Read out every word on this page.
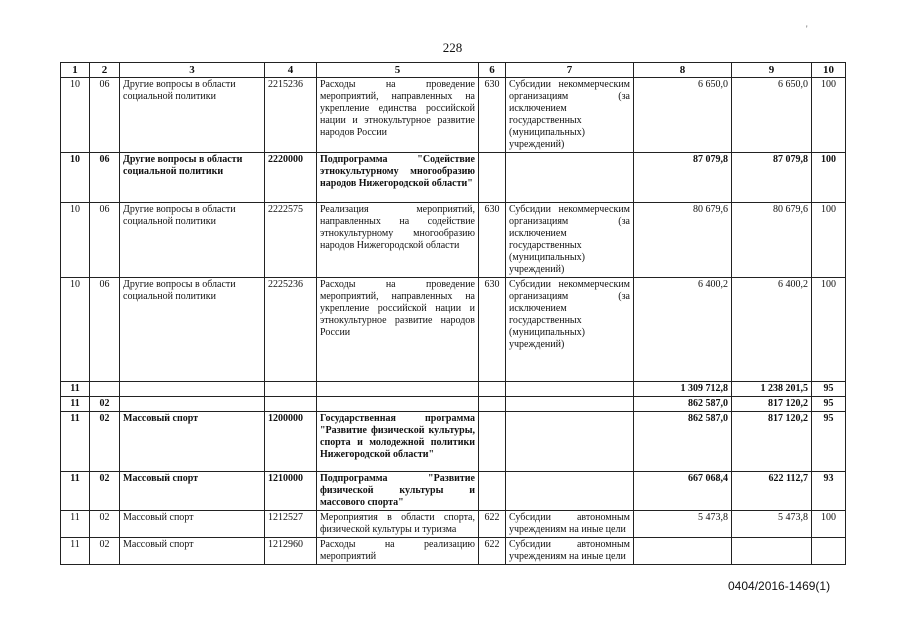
'
228
1	2	3	4	5	6	7	8	9	10
10	06	Другие вопросы в области социальной политики	2215236	Расходы на проведение мероприятий, направленных на укрепление единства российской нации и этнокультурное развитие народов России	630	Субсидии некоммерческим организациям (за исключением государственных (муниципальных) учреждений)	6 650,0	6 650,0	100
10	06	Другие вопросы в области социальной политики	2220000	Подпрограмма "Содействие этнокультурному многообразию народов Нижегородской области"			87 079,8	87 079,8	100
10	06	Другие вопросы в области социальной политики	2222575	Реализация мероприятий, направленных на содействие этнокультурному многообразию народов Нижегородской области	630	Субсидии некоммерческим организациям (за исключением государственных (муниципальных) учреждений)	80 679,6	80 679,6	100
10	06	Другие вопросы в области социальной политики	2225236	Расходы на проведение мероприятий, направленных на укрепление российской нации и этнокультурное развитие народов России	630	Субсидии некоммерческим организациям (за исключением государственных (муниципальных) учреждений)	6 400,2	6 400,2	100
11							1 309 712,8	1 238 201,5	95
11	02						862 587,0	817 120,2	95
11	02	Массовый спорт	1200000	Государственная программа "Развитие физической культуры, спорта и молодежной политики Нижегородской области"			862 587,0	817 120,2	95
11	02	Массовый спорт	1210000	Подпрограмма "Развитие физической культуры и массового спорта"			667 068,4	622 112,7	93
11	02	Массовый спорт	1212527	Мероприятия в области спорта, физической культуры и туризма	622	Субсидии автономным учреждениям на иные цели	5 473,8	5 473,8	100
11	02	Массовый спорт	1212960	Расходы на реализацию мероприятий	622	Субсидии автономным учреждениям на иные цели			
0404/2016-1469(1)
